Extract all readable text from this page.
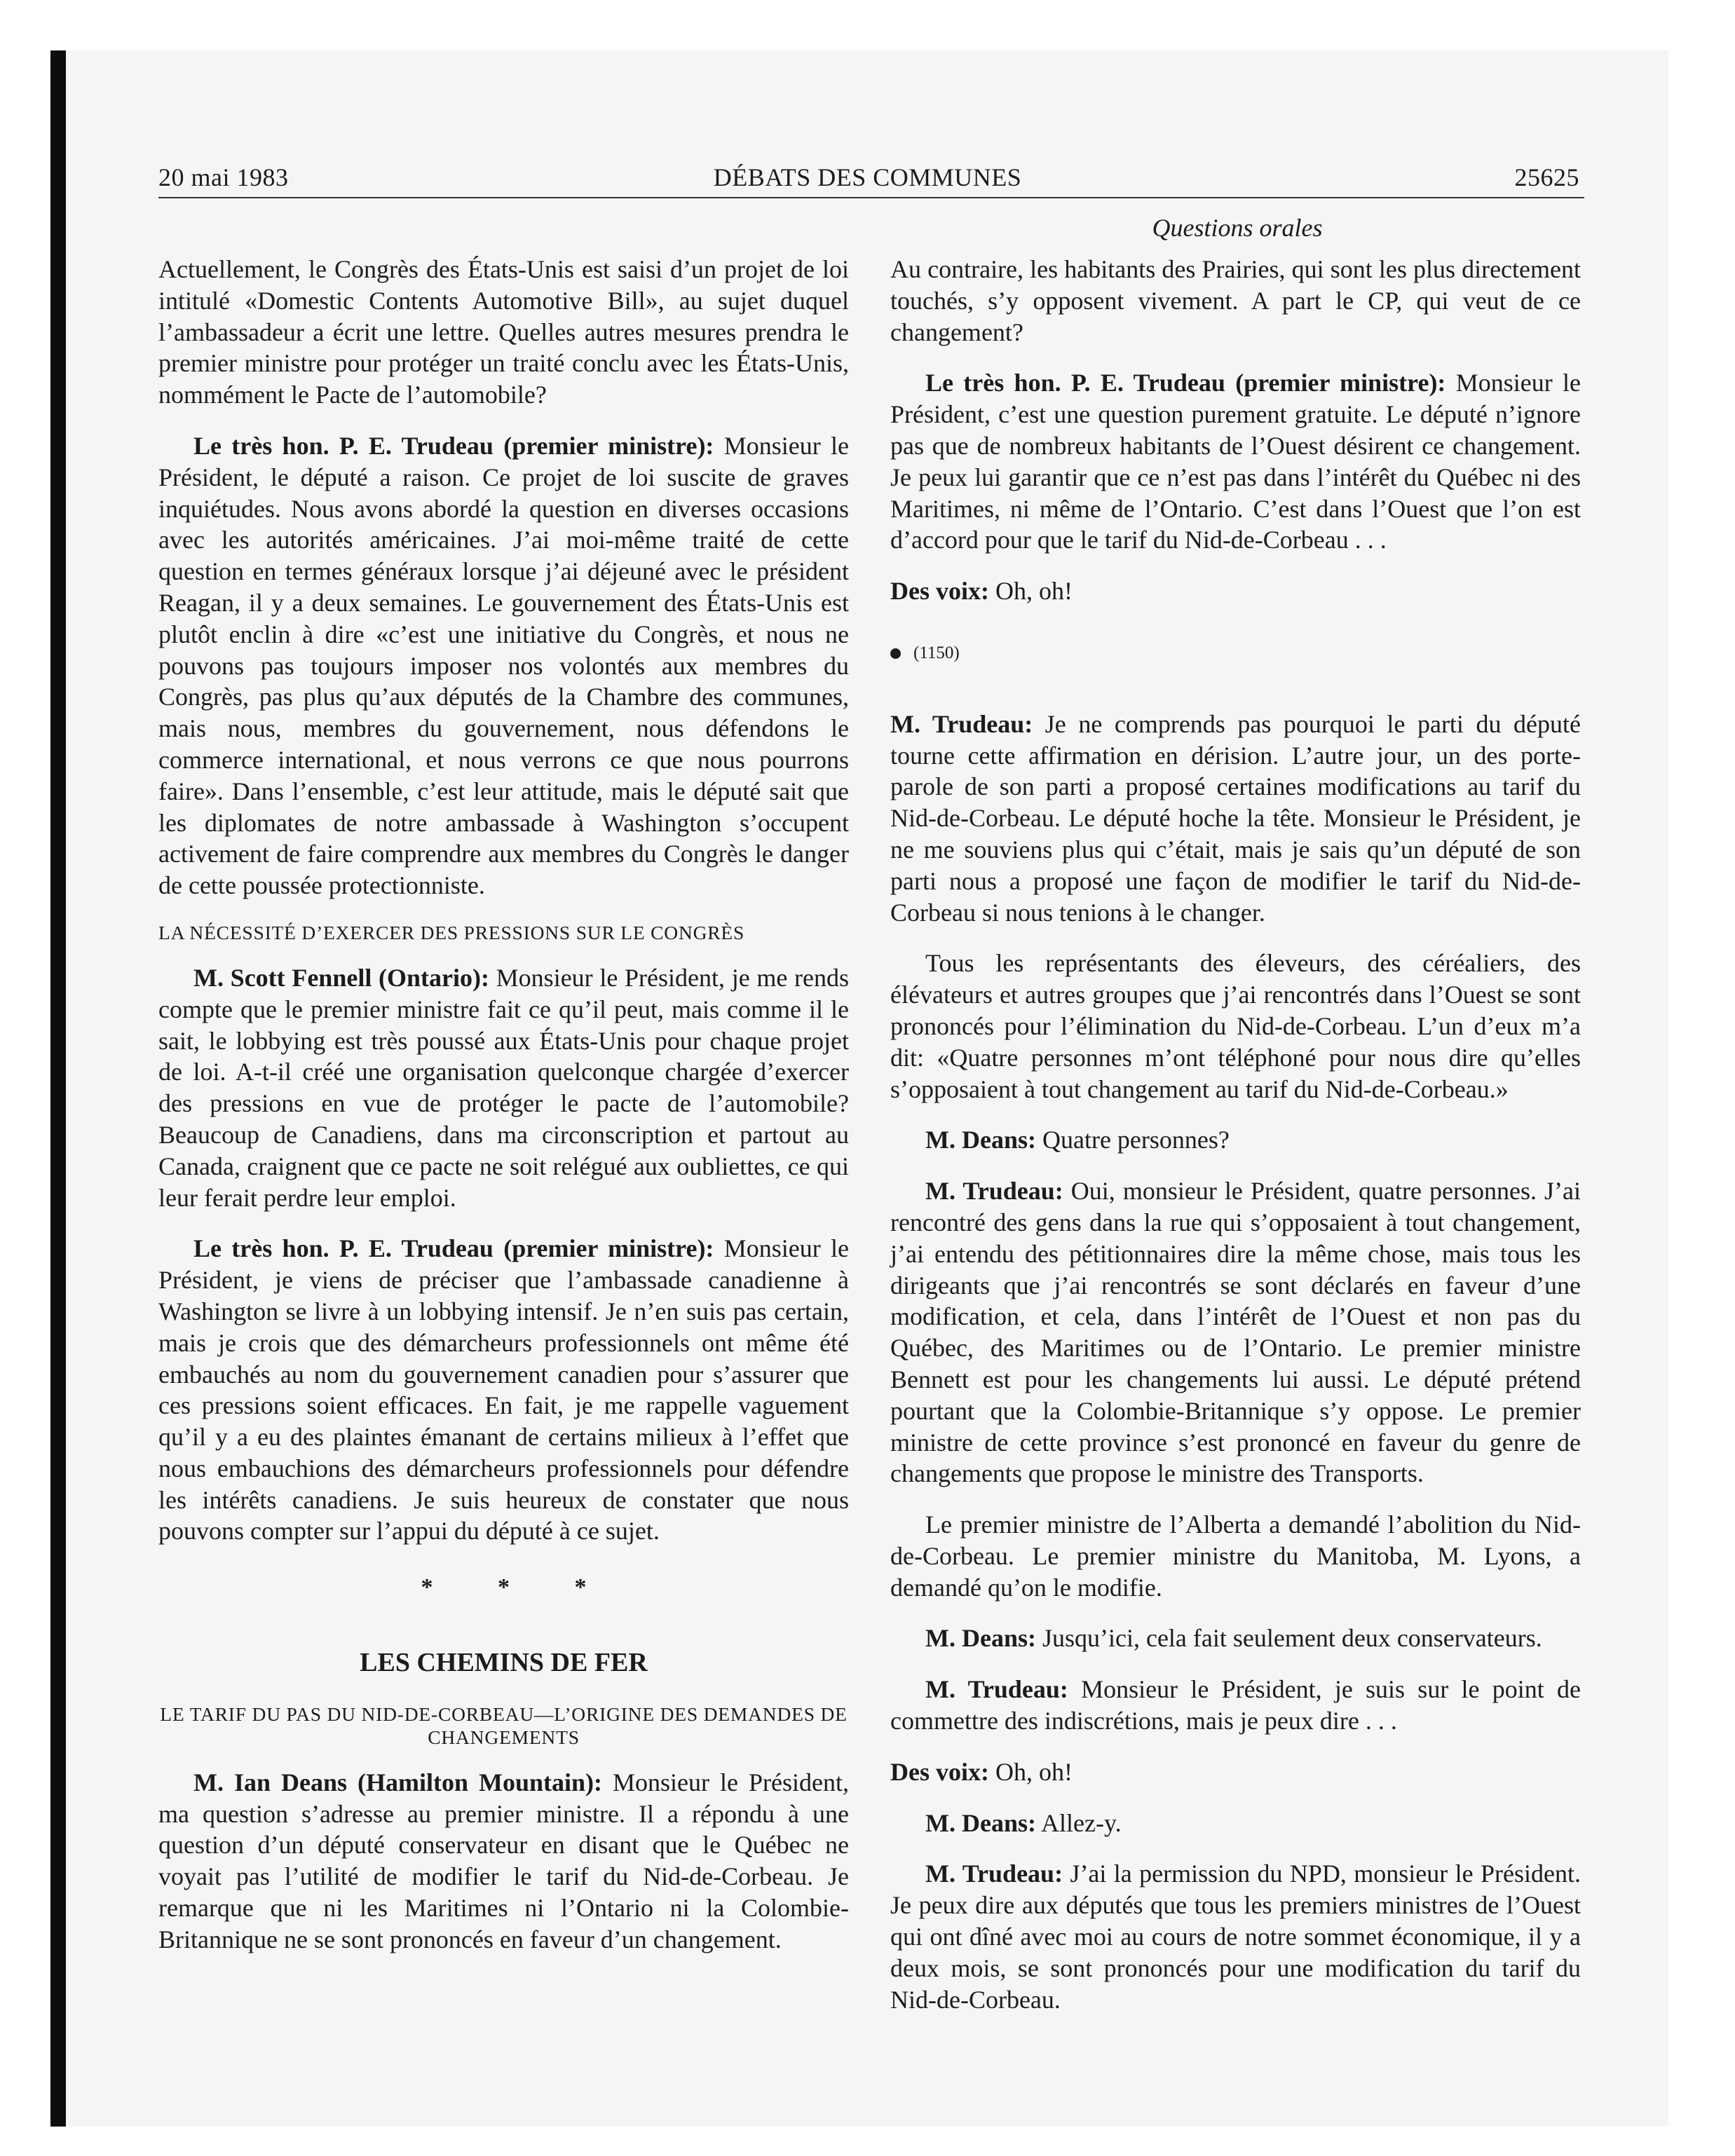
20 mai 1983	DÉBATS DES COMMUNES	25625
Questions orales

Actuellement, le Congrès des États-Unis est saisi d’un projet de loi intitulé «Domestic Contents Automotive Bill», au sujet duquel l’ambassadeur a écrit une lettre. Quelles autres mesures prendra le premier ministre pour protéger un traité conclu avec les États-Unis, nommément le Pacte de l’automobile?

Le très hon. P. E. Trudeau (premier ministre): Monsieur le Président, le député a raison. Ce projet de loi suscite de graves inquiétudes. Nous avons abordé la question en diverses occasions avec les autorités américaines. J’ai moi-même traité de cette question en termes généraux lorsque j’ai déjeuné avec le président Reagan, il y a deux semaines. Le gouvernement des États-Unis est plutôt enclin à dire «c’est une initiative du Congrès, et nous ne pouvons pas toujours imposer nos volontés aux membres du Congrès, pas plus qu’aux députés de la Chambre des communes, mais nous, membres du gouvernement, nous défendons le commerce international, et nous verrons ce que nous pourrons faire». Dans l’ensemble, c’est leur attitude, mais le député sait que les diplomates de notre ambassade à Washington s’occupent activement de faire comprendre aux membres du Congrès le danger de cette poussée protectionniste.

LA NÉCESSITÉ D’EXERCER DES PRESSIONS SUR LE CONGRÈS

M. Scott Fennell (Ontario): Monsieur le Président, je me rends compte que le premier ministre fait ce qu’il peut, mais comme il le sait, le lobbying est très poussé aux États-Unis pour chaque projet de loi. A-t-il créé une organisation quelconque chargée d’exercer des pressions en vue de protéger le pacte de l’automobile? Beaucoup de Canadiens, dans ma circonscription et partout au Canada, craignent que ce pacte ne soit relégué aux oubliettes, ce qui leur ferait perdre leur emploi.

Le très hon. P. E. Trudeau (premier ministre): Monsieur le Président, je viens de préciser que l’ambassade canadienne à Washington se livre à un lobbying intensif. Je n’en suis pas certain, mais je crois que des démarcheurs professionnels ont même été embauchés au nom du gouvernement canadien pour s’assurer que ces pressions soient efficaces. En fait, je me rappelle vaguement qu’il y a eu des plaintes émanant de certains milieux à l’effet que nous embauchions des démarcheurs professionnels pour défendre les intérêts canadiens. Je suis heureux de constater que nous pouvons compter sur l’appui du député à ce sujet.

* * *
LES CHEMINS DE FER
LE TARIF DU PAS DU NID-DE-CORBEAU—L’ORIGINE DES DEMANDES DE CHANGEMENTS

M. Ian Deans (Hamilton Mountain): Monsieur le Président, ma question s’adresse au premier ministre. Il a répondu à une question d’un député conservateur en disant que le Québec ne voyait pas l’utilité de modifier le tarif du Nid-de-Corbeau. Je remarque que ni les Maritimes ni l’Ontario ni la Colombie-Britannique ne se sont prononcés en faveur d’un changement.

Au contraire, les habitants des Prairies, qui sont les plus directement touchés, s’y opposent vivement. A part le CP, qui veut de ce changement?

Le très hon. P. E. Trudeau (premier ministre): Monsieur le Président, c’est une question purement gratuite. Le député n’ignore pas que de nombreux habitants de l’Ouest désirent ce changement. Je peux lui garantir que ce n’est pas dans l’intérêt du Québec ni des Maritimes, ni même de l’Ontario. C’est dans l’Ouest que l’on est d’accord pour que le tarif du Nid-de-Corbeau . . .

Des voix: Oh, oh!

(1150)

M. Trudeau: Je ne comprends pas pourquoi le parti du député tourne cette affirmation en dérision. L’autre jour, un des porte-parole de son parti a proposé certaines modifications au tarif du Nid-de-Corbeau. Le député hoche la tête. Monsieur le Président, je ne me souviens plus qui c’était, mais je sais qu’un député de son parti nous a proposé une façon de modifier le tarif du Nid-de-Corbeau si nous tenions à le changer.

Tous les représentants des éleveurs, des céréaliers, des élévateurs et autres groupes que j’ai rencontrés dans l’Ouest se sont prononcés pour l’élimination du Nid-de-Corbeau. L’un d’eux m’a dit: «Quatre personnes m’ont téléphoné pour nous dire qu’elles s’opposaient à tout changement au tarif du Nid-de-Corbeau.»

M. Deans: Quatre personnes?

M. Trudeau: Oui, monsieur le Président, quatre personnes. J’ai rencontré des gens dans la rue qui s’opposaient à tout changement, j’ai entendu des pétitionnaires dire la même chose, mais tous les dirigeants que j’ai rencontrés se sont déclarés en faveur d’une modification, et cela, dans l’intérêt de l’Ouest et non pas du Québec, des Maritimes ou de l’Ontario. Le premier ministre Bennett est pour les changements lui aussi. Le député prétend pourtant que la Colombie-Britannique s’y oppose. Le premier ministre de cette province s’est prononcé en faveur du genre de changements que propose le ministre des Transports.

Le premier ministre de l’Alberta a demandé l’abolition du Nid-de-Corbeau. Le premier ministre du Manitoba, M. Lyons, a demandé qu’on le modifie.

M. Deans: Jusqu’ici, cela fait seulement deux conservateurs.

M. Trudeau: Monsieur le Président, je suis sur le point de commettre des indiscrétions, mais je peux dire . . .

Des voix: Oh, oh!

M. Deans: Allez-y.

M. Trudeau: J’ai la permission du NPD, monsieur le Président. Je peux dire aux députés que tous les premiers ministres de l’Ouest qui ont dîné avec moi au cours de notre sommet économique, il y a deux mois, se sont prononcés pour une modification du tarif du Nid-de-Corbeau.
